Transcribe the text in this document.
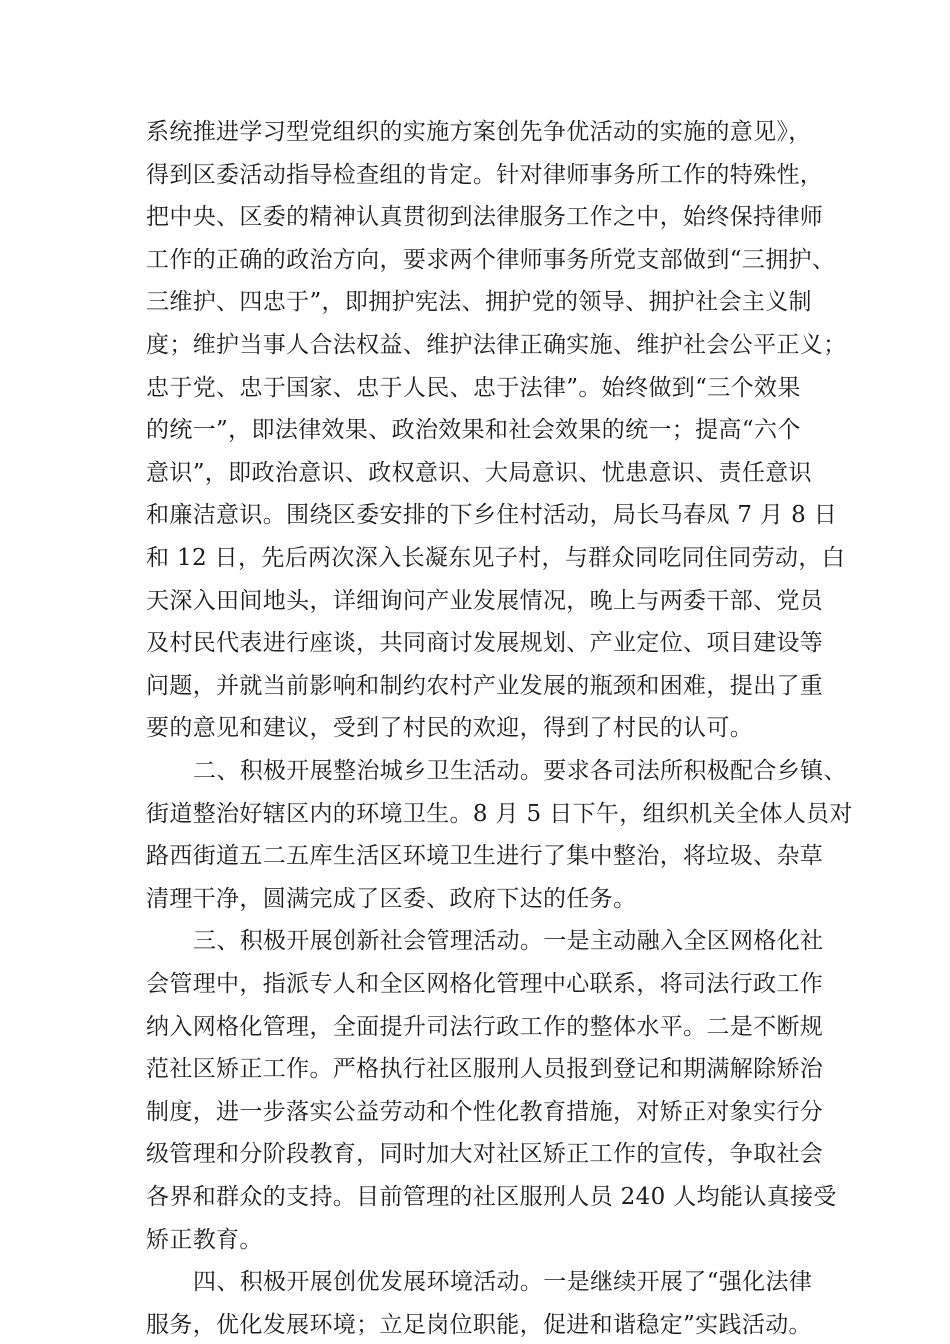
系统推进学习型党组织的实施方案创先争优活动的实施的意见》，
得到区委活动指导检查组的肯定。针对律师事务所工作的特殊性，
把中央、区委的精神认真贯彻到法律服务工作之中，始终保持律师
工作的正确的政治方向，要求两个律师事务所党支部做到“三拥护、
三维护、四忠于”，即拥护宪法、拥护党的领导、拥护社会主义制
度；维护当事人合法权益、维护法律正确实施、维护社会公平正义；
忠于党、忠于国家、忠于人民、忠于法律”。始终做到“三个效果
的统一”，即法律效果、政治效果和社会效果的统一；提高“六个
意识”，即政治意识、政权意识、大局意识、忧患意识、责任意识
和廉洁意识。围绕区委安排的下乡住村活动，局长马春凤 7 月 8 日
和 12 日，先后两次深入长凝东见子村，与群众同吃同住同劳动，白
天深入田间地头，详细询问产业发展情况，晚上与两委干部、党员
及村民代表进行座谈，共同商讨发展规划、产业定位、项目建设等
问题，并就当前影响和制约农村产业发展的瓶颈和困难，提出了重
要的意见和建议，受到了村民的欢迎，得到了村民的认可。
二、积极开展整治城乡卫生活动。要求各司法所积极配合乡镇、
街道整治好辖区内的环境卫生。8 月 5 日下午，组织机关全体人员对
路西街道五二五库生活区环境卫生进行了集中整治，将垃圾、杂草
清理干净，圆满完成了区委、政府下达的任务。
三、积极开展创新社会管理活动。一是主动融入全区网格化社
会管理中，指派专人和全区网格化管理中心联系，将司法行政工作
纳入网格化管理，全面提升司法行政工作的整体水平。二是不断规
范社区矫正工作。严格执行社区服刑人员报到登记和期满解除矫治
制度，进一步落实公益劳动和个性化教育措施，对矫正对象实行分
级管理和分阶段教育，同时加大对社区矫正工作的宣传，争取社会
各界和群众的支持。目前管理的社区服刑人员 240 人均能认真接受
矫正教育。
四、积极开展创优发展环境活动。一是继续开展了“强化法律
服务，优化发展环境；立足岗位职能，促进和谐稳定”实践活动。
